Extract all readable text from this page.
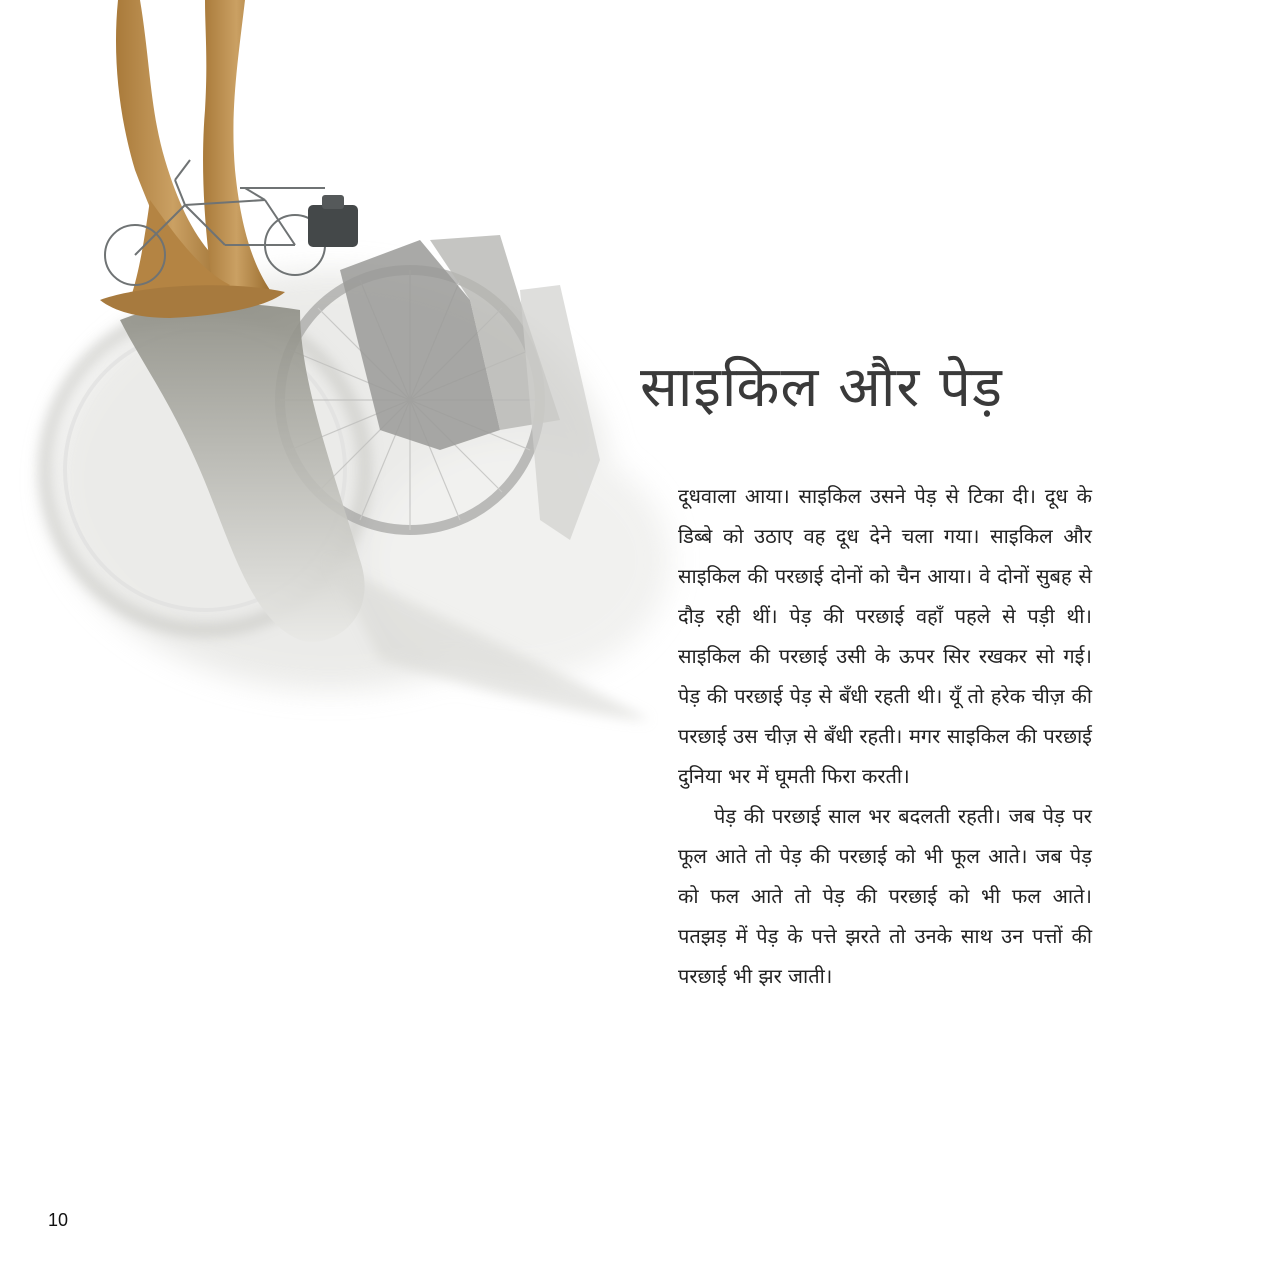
साइकिल और पेड़

दूधवाला आया। साइकिल उसने पेड़ से टिका दी। दूध के डिब्बे को उठाए वह दूध देने चला गया। साइकिल और साइकिल की परछाई दोनों को चैन आया। वे दोनों सुबह से दौड़ रही थीं। पेड़ की परछाई वहाँ पहले से पड़ी थी। साइकिल की परछाई उसी के ऊपर सिर रखकर सो गई। पेड़ की परछाई पेड़ से बँधी रहती थी। यूँ तो हरेक चीज़ की परछाई उस चीज़ से बँधी रहती। मगर साइकिल की परछाई दुनिया भर में घूमती फिरा करती।

पेड़ की परछाई साल भर बदलती रहती। जब पेड़ पर फूल आते तो पेड़ की परछाई को भी फूल आते। जब पेड़ को फल आते तो पेड़ की परछाई को भी फल आते। पतझड़ में पेड़ के पत्ते झरते तो उनके साथ उन पत्तों की परछाई भी झर जाती।

10
